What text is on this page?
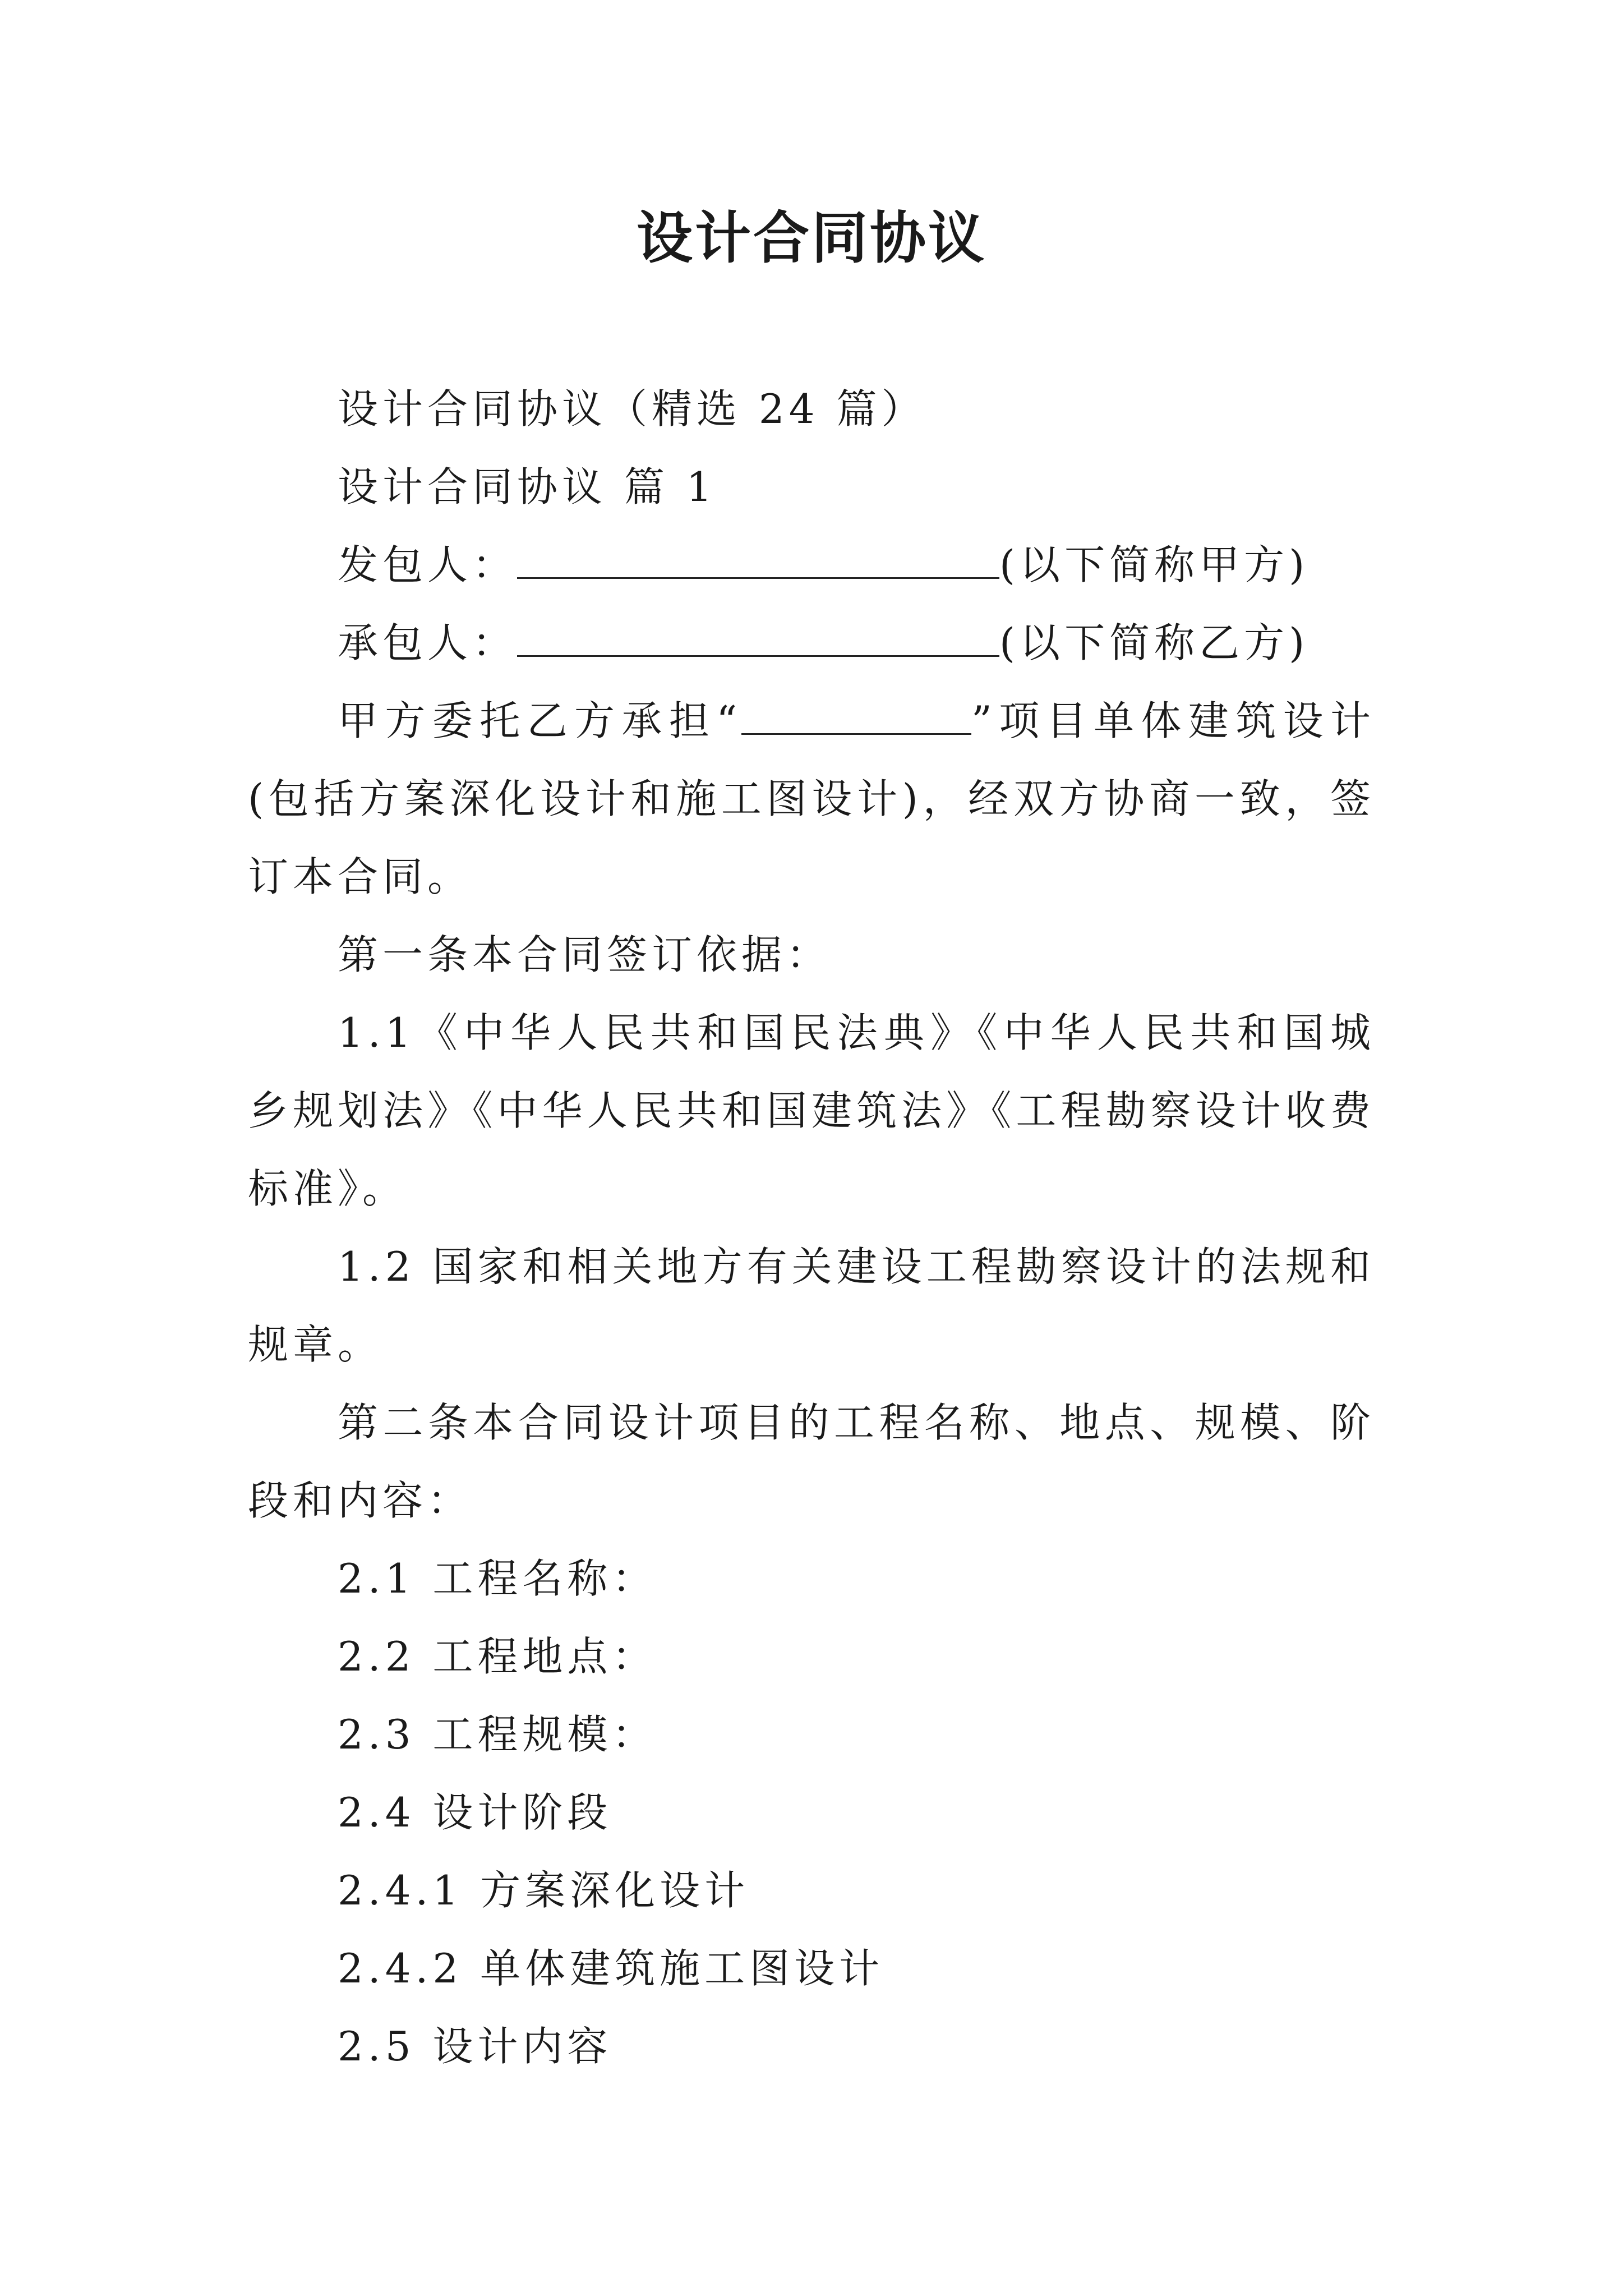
设计合同协议

设计合同协议（精选 24 篇）

设计合同协议 篇 1

发包人：	(以下简称甲方)

承包人：	(以下简称乙方)

甲方委托乙方承担“	”项目单体建筑设计(包括方案深化设计和施工图设计)，经双方协商一致，签订本合同。

第一条本合同签订依据：

1.1《中华人民共和国民法典》《中华人民共和国城乡规划法》《中华人民共和国建筑法》《工程勘察设计收费标准》。

1.2 国家和相关地方有关建设工程勘察设计的法规和规章。

第二条本合同设计项目的工程名称、地点、规模、阶段和内容：

2.1 工程名称：

2.2 工程地点：

2.3 工程规模：

2.4 设计阶段

2.4.1 方案深化设计

2.4.2 单体建筑施工图设计

2.5 设计内容
